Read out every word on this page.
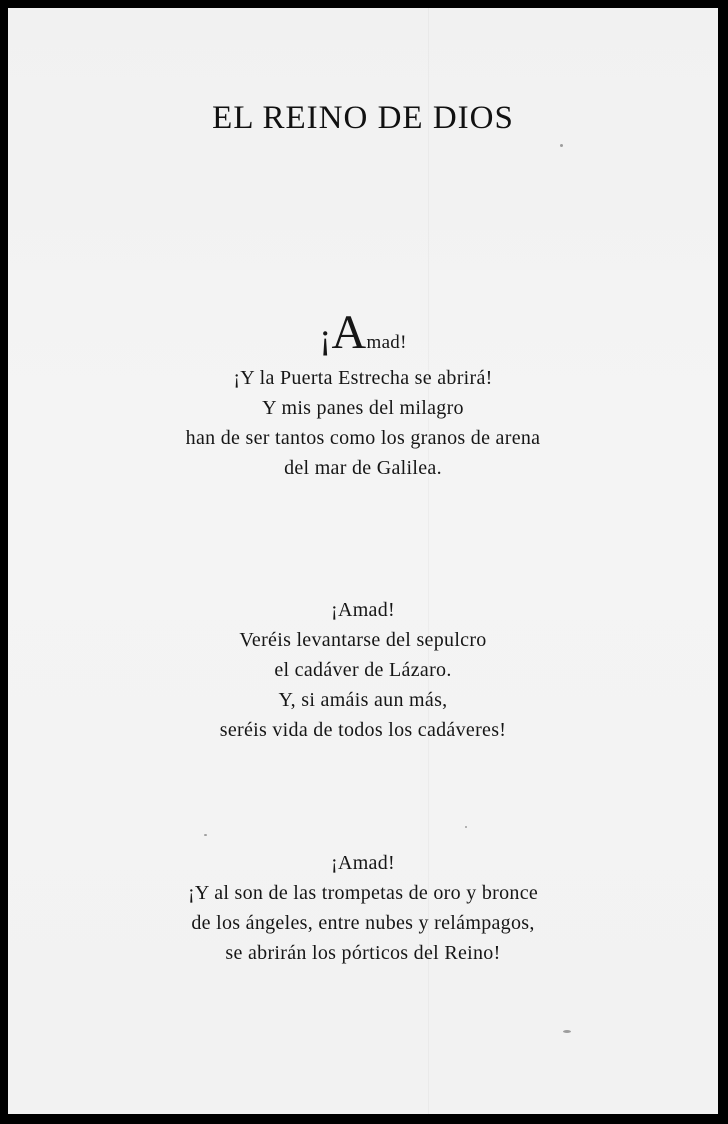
EL REINO DE DIOS
¡Amad!
¡Y la Puerta Estrecha se abrirá!
Y mis panes del milagro
han de ser tantos como los granos de arena
del mar de Galilea.
¡Amad!
Veréis levantarse del sepulcro
el cadáver de Lázaro.
Y, si amáis aun más,
seréis vida de todos los cadáveres!
¡Amad!
¡Y al son de las trompetas de oro y bronce
de los ángeles, entre nubes y relámpagos,
se abrirán los pórticos del Reino!
